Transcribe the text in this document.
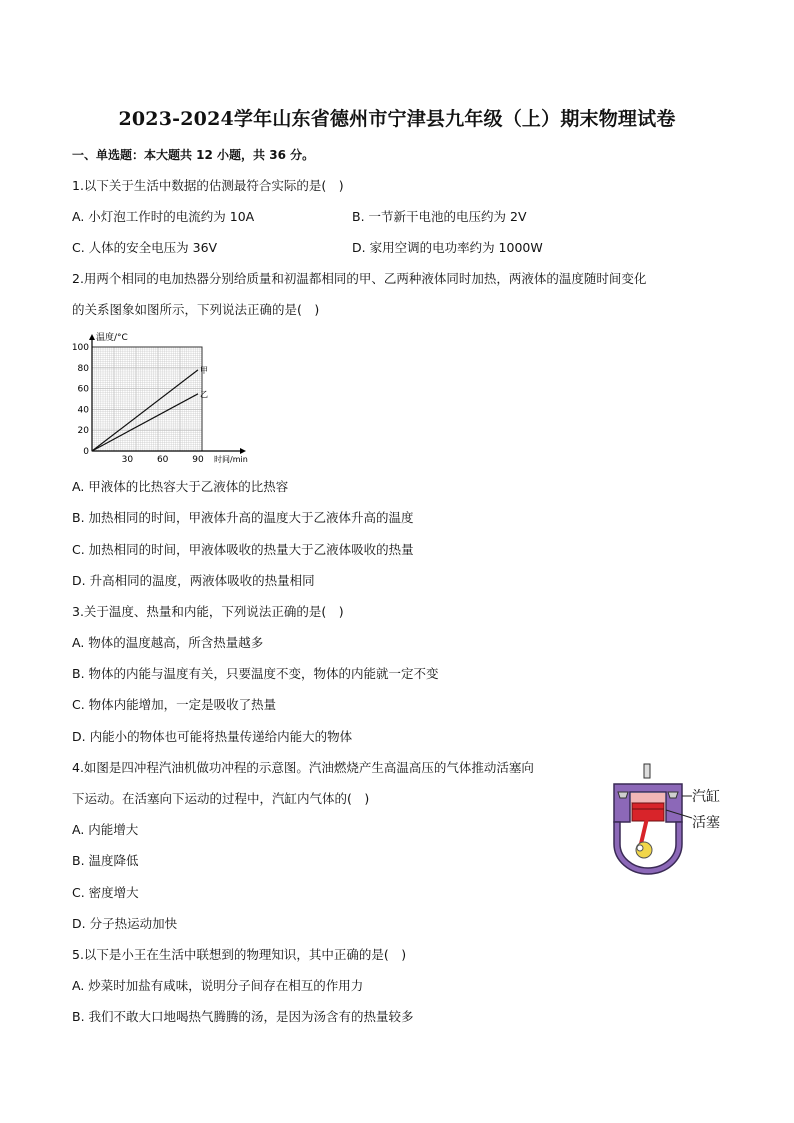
2023-2024学年山东省德州市宁津县九年级（上）期末物理试卷
一、单选题：本大题共 12 小题，共 36 分。
1.以下关于生活中数据的估测最符合实际的是(　)
A. 小灯泡工作时的电流约为 10A	B. 一节新干电池的电压约为 2V
C. 人体的安全电压为 36V	D. 家用空调的电功率约为 1000W
2.用两个相同的电加热器分别给质量和初温都相同的甲、乙两种液体同时加热，两液体的温度随时间变化
的关系图象如图所示，下列说法正确的是(　)
0
20
40
60
80
100
30	60	90
甲
乙
温度/°C
时间/min
A. 甲液体的比热容大于乙液体的比热容
B. 加热相同的时间，甲液体升高的温度大于乙液体升高的温度
C. 加热相同的时间，甲液体吸收的热量大于乙液体吸收的热量
D. 升高相同的温度，两液体吸收的热量相同
3.关于温度、热量和内能，下列说法正确的是(　)
A. 物体的温度越高，所含热量越多
B. 物体的内能与温度有关，只要温度不变，物体的内能就一定不变
C. 物体内能增加，一定是吸收了热量
D. 内能小的物体也可能将热量传递给内能大的物体
4.如图是四冲程汽油机做功冲程的示意图。汽油燃烧产生高温高压的气体推动活塞向
下运动。在活塞向下运动的过程中，汽缸内气体的(　)
A. 内能增大
B. 温度降低
C. 密度增大
D. 分子热运动加快
汽缸
活塞
5.以下是小王在生活中联想到的物理知识，其中正确的是(　)
A. 炒菜时加盐有咸味，说明分子间存在相互的作用力
B. 我们不敢大口地喝热气腾腾的汤，是因为汤含有的热量较多
